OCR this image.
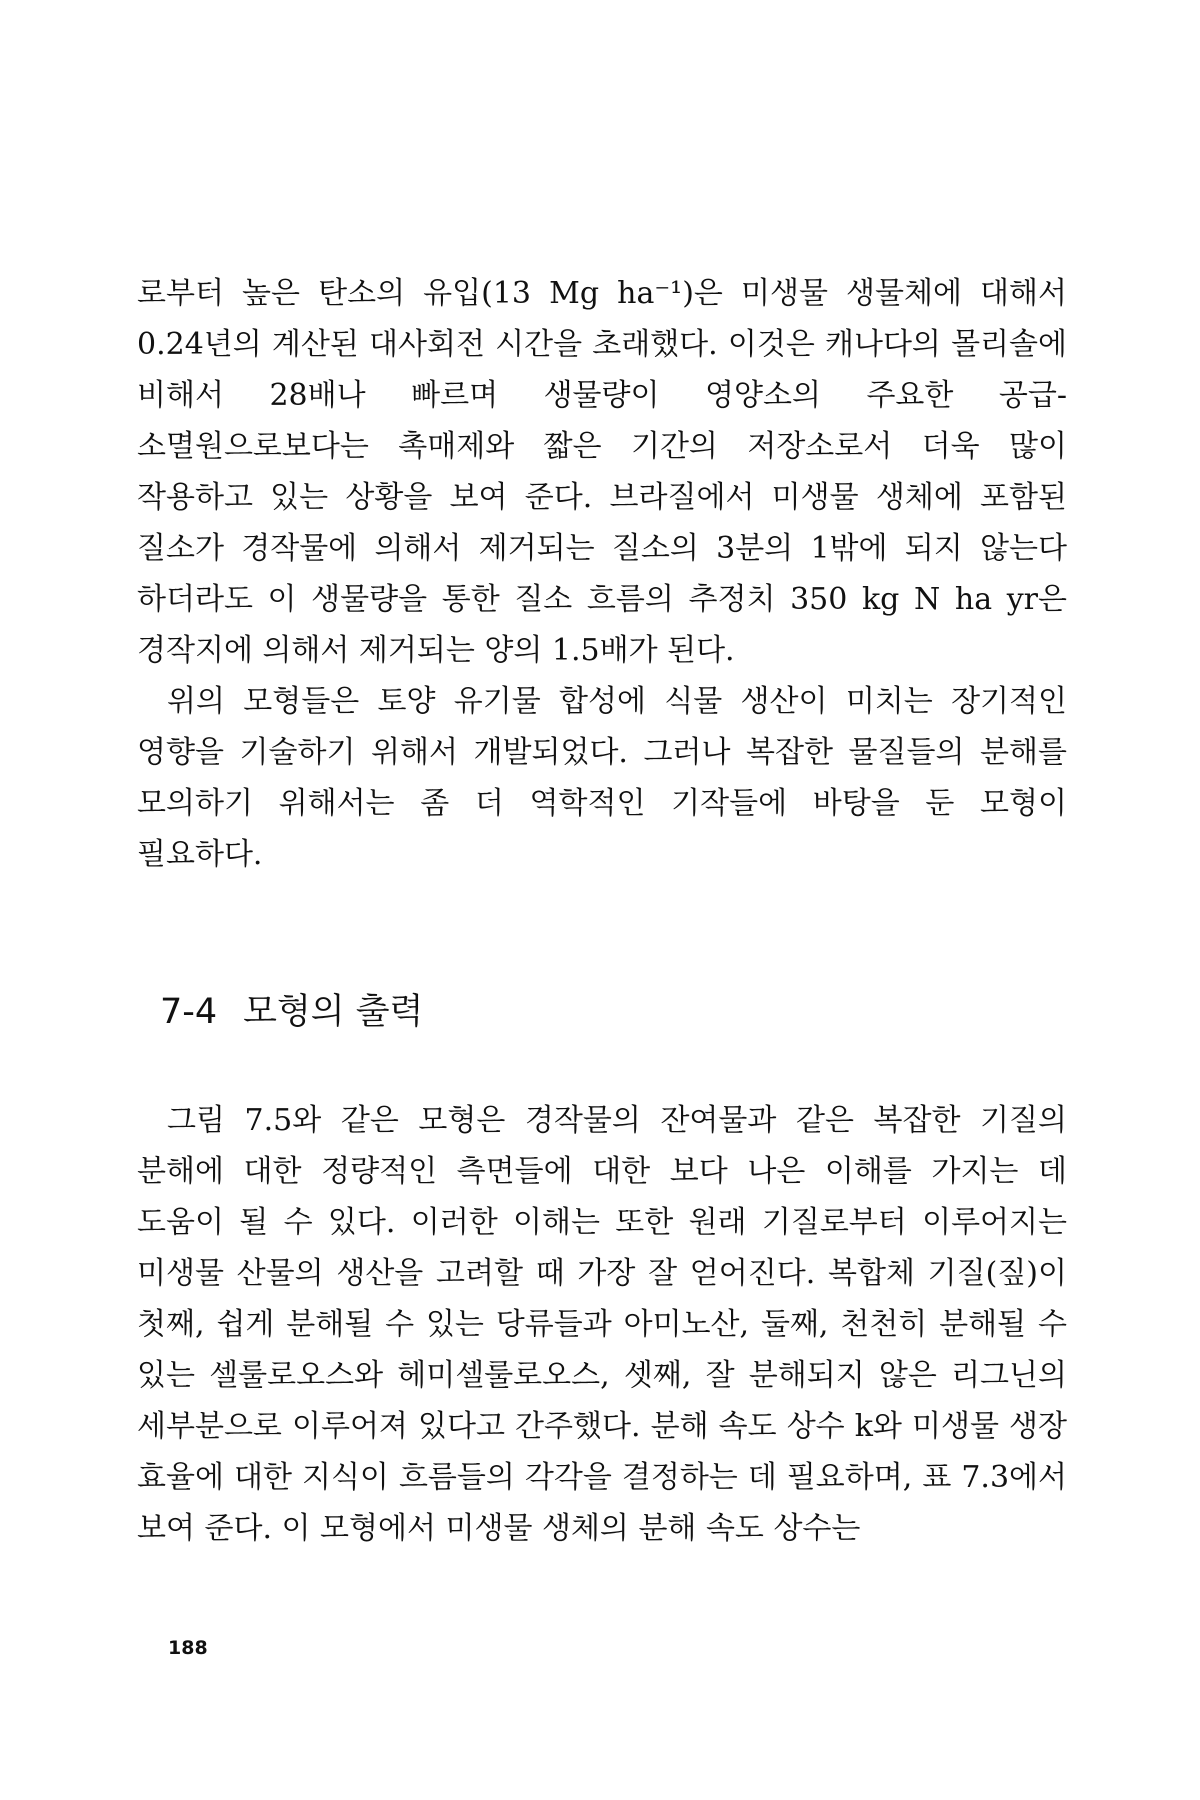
로부터 높은 탄소의 유입(13 Mg ha⁻¹)은 미생물 생물체에 대해서 0.24년의 계산된 대사회전 시간을 초래했다. 이것은 캐나다의 몰리솔에 비해서 28배나 빠르며 생물량이 영양소의 주요한 공급-소멸원으로보다는 촉매제와 짧은 기간의 저장소로서 더욱 많이 작용하고 있는 상황을 보여 준다. 브라질에서 미생물 생체에 포함된 질소가 경작물에 의해서 제거되는 질소의 3분의 1밖에 되지 않는다 하더라도 이 생물량을 통한 질소 흐름의 추정치 350 kg N ha yr은 경작지에 의해서 제거되는 양의 1.5배가 된다.

위의 모형들은 토양 유기물 합성에 식물 생산이 미치는 장기적인 영향을 기술하기 위해서 개발되었다. 그러나 복잡한 물질들의 분해를 모의하기 위해서는 좀 더 역학적인 기작들에 바탕을 둔 모형이 필요하다.

7-4 모형의 출력

그림 7.5와 같은 모형은 경작물의 잔여물과 같은 복잡한 기질의 분해에 대한 정량적인 측면들에 대한 보다 나은 이해를 가지는 데 도움이 될 수 있다. 이러한 이해는 또한 원래 기질로부터 이루어지는 미생물 산물의 생산을 고려할 때 가장 잘 얻어진다. 복합체 기질(짚)이 첫째, 쉽게 분해될 수 있는 당류들과 아미노산, 둘째, 천천히 분해될 수 있는 셀룰로오스와 헤미셀룰로오스, 셋째, 잘 분해되지 않은 리그닌의 세부분으로 이루어져 있다고 간주했다. 분해 속도 상수 k와 미생물 생장 효율에 대한 지식이 흐름들의 각각을 결정하는 데 필요하며, 표 7.3에서 보여 준다. 이 모형에서 미생물 생체의 분해 속도 상수는

188
